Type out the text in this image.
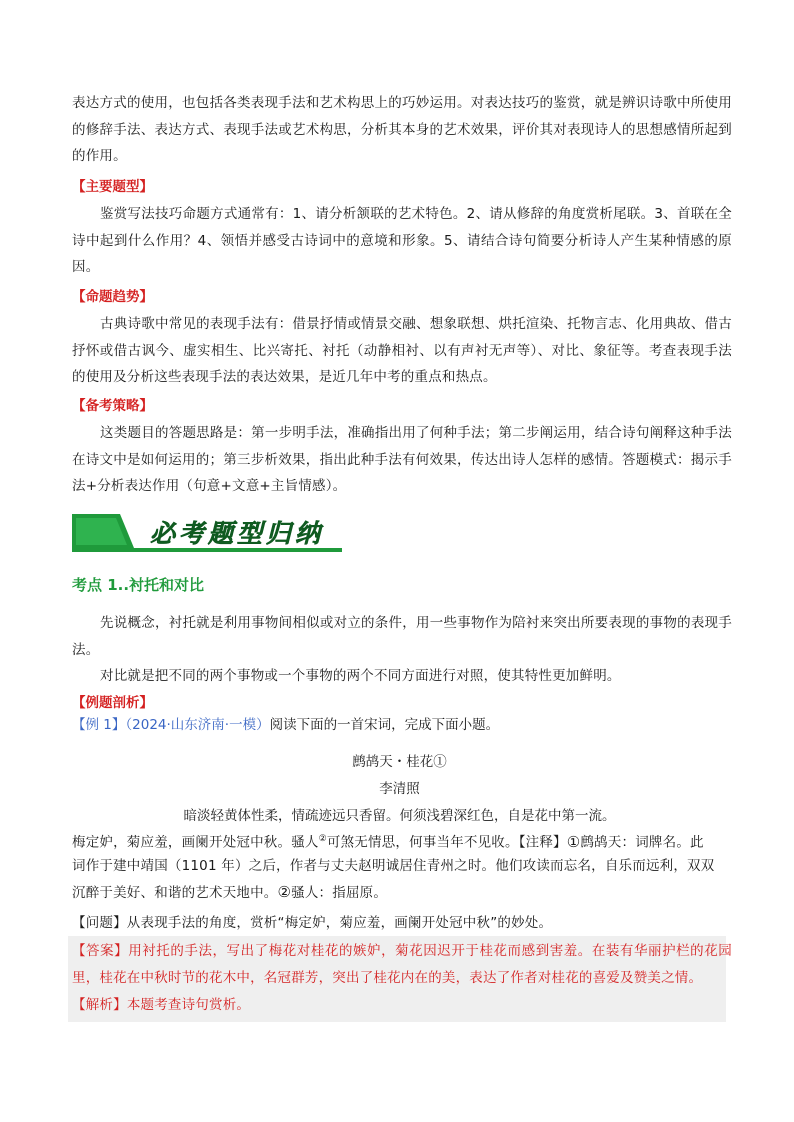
表达方式的使用，也包括各类表现手法和艺术构思上的巧妙运用。对表达技巧的鉴赏，就是辨识诗歌中所使用的修辞手法、表达方式、表现手法或艺术构思，分析其本身的艺术效果，评价其对表现诗人的思想感情所起到的作用。

【主要题型】

鉴赏写法技巧命题方式通常有：1、请分析颔联的艺术特色。2、请从修辞的角度赏析尾联。3、首联在全诗中起到什么作用？4、领悟并感受古诗词中的意境和形象。5、请结合诗句简要分析诗人产生某种情感的原因。

【命题趋势】

古典诗歌中常见的表现手法有：借景抒情或情景交融、想象联想、烘托渲染、托物言志、化用典故、借古抒怀或借古讽今、虚实相生、比兴寄托、衬托（动静相衬、以有声衬无声等）、对比、象征等。考查表现手法的使用及分析这些表现手法的表达效果，是近几年中考的重点和热点。

【备考策略】

这类题目的答题思路是：第一步明手法，准确指出用了何种手法；第二步阐运用，结合诗句阐释这种手法在诗文中是如何运用的；第三步析效果，指出此种手法有何效果，传达出诗人怎样的感情。答题模式：揭示手法+分析表达作用（句意+文意+主旨情感）。

必考题型归纳

考点 1..衬托和对比

先说概念，衬托就是利用事物间相似或对立的条件，用一些事物作为陪衬来突出所要表现的事物的表现手法。

对比就是把不同的两个事物或一个事物的两个不同方面进行对照，使其特性更加鲜明。

【例题剖析】

【例 1】（2024·山东济南·一模）阅读下面的一首宋词，完成下面小题。

鹧鸪天・桂花①

李清照

暗淡轻黄体性柔，情疏迹远只香留。何须浅碧深红色，自是花中第一流。

梅定妒，菊应羞，画阑开处冠中秋。骚人②可煞无情思，何事当年不见收。【注释】①鹧鸪天：词牌名。此

词作于建中靖国（1101 年）之后，作者与丈夫赵明诚居住青州之时。他们攻读而忘名，自乐而远利，双双

沉醉于美好、和谐的艺术天地中。②骚人：指屈原。

【问题】从表现手法的角度，赏析“梅定妒，菊应羞，画阑开处冠中秋”的妙处。

【答案】用衬托的手法，写出了梅花对桂花的嫉妒，菊花因迟开于桂花而感到害羞。在装有华丽护栏的花园里，桂花在中秋时节的花木中，名冠群芳，突出了桂花内在的美，表达了作者对桂花的喜爱及赞美之情。

【解析】本题考查诗句赏析。
